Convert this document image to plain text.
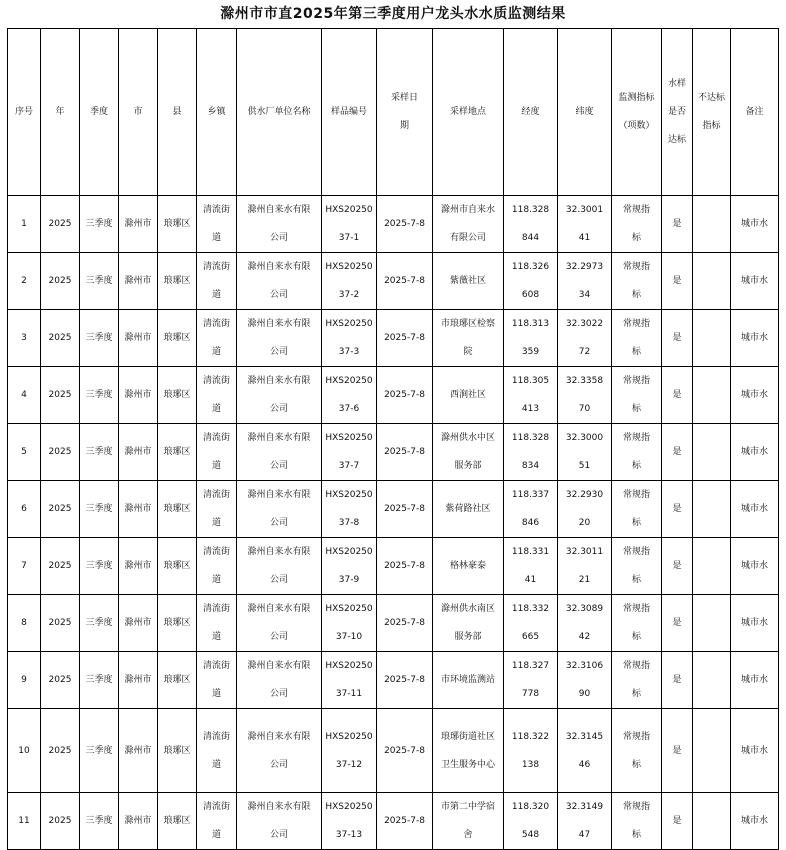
滁州市市直2025年第三季度用户龙头水水质监测结果
序号	年	季度	市	县	乡镇	供水厂单位名称	样品编号	采样日期	采样地点	经度	纬度	监测指标（项数）	水样是否达标	不达标指标	备注
1	2025	三季度	滁州市	琅琊区	清流街道	滁州自来水有限公司	HXS2025037-1	2025-7-8	滁州市自来水有限公司	118.328844	32.300141	常规指标	是		城市水
2	2025	三季度	滁州市	琅琊区	清流街道	滁州自来水有限公司	HXS2025037-2	2025-7-8	紫薇社区	118.326608	32.297334	常规指标	是		城市水
3	2025	三季度	滁州市	琅琊区	清流街道	滁州自来水有限公司	HXS2025037-3	2025-7-8	市琅琊区检察院	118.313359	32.302272	常规指标	是		城市水
4	2025	三季度	滁州市	琅琊区	清流街道	滁州自来水有限公司	HXS2025037-6	2025-7-8	西涧社区	118.305413	32.335870	常规指标	是		城市水
5	2025	三季度	滁州市	琅琊区	清流街道	滁州自来水有限公司	HXS2025037-7	2025-7-8	滁州供水中区服务部	118.328834	32.300051	常规指标	是		城市水
6	2025	三季度	滁州市	琅琊区	清流街道	滁州自来水有限公司	HXS2025037-8	2025-7-8	紫荷路社区	118.337846	32.293020	常规指标	是		城市水
7	2025	三季度	滁州市	琅琊区	清流街道	滁州自来水有限公司	HXS2025037-9	2025-7-8	格林豪泰	118.33141	32.301121	常规指标	是		城市水
8	2025	三季度	滁州市	琅琊区	清流街道	滁州自来水有限公司	HXS2025037-10	2025-7-8	滁州供水南区服务部	118.332665	32.308942	常规指标	是		城市水
9	2025	三季度	滁州市	琅琊区	清流街道	滁州自来水有限公司	HXS2025037-11	2025-7-8	市环境监测站	118.327778	32.310690	常规指标	是		城市水
10	2025	三季度	滁州市	琅琊区	清流街道	滁州自来水有限公司	HXS2025037-12	2025-7-8	琅琊街道社区卫生服务中心	118.322138	32.314546	常规指标	是		城市水
11	2025	三季度	滁州市	琅琊区	清流街道	滁州自来水有限公司	HXS2025037-13	2025-7-8	市第二中学宿舍	118.320548	32.314947	常规指标	是		城市水
